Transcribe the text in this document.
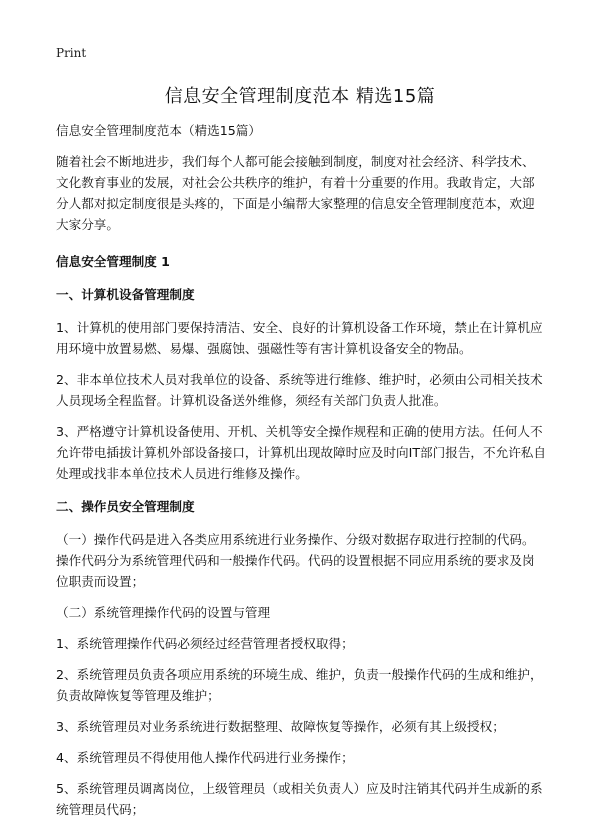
Print
信息安全管理制度范本 精选15篇

信息安全管理制度范本（精选15篇）

随着社会不断地进步，我们每个人都可能会接触到制度，制度对社会经济、科学技术、文化教育事业的发展，对社会公共秩序的维护，有着十分重要的作用。我敢肯定，大部分人都对拟定制度很是头疼的，下面是小编帮大家整理的信息安全管理制度范本，欢迎大家分享。

信息安全管理制度 1

一、计算机设备管理制度

1、计算机的使用部门要保持清洁、安全、良好的计算机设备工作环境，禁止在计算机应用环境中放置易燃、易爆、强腐蚀、强磁性等有害计算机设备安全的物品。

2、非本单位技术人员对我单位的设备、系统等进行维修、维护时，必须由公司相关技术人员现场全程监督。计算机设备送外维修，须经有关部门负责人批准。

3、严格遵守计算机设备使用、开机、关机等安全操作规程和正确的使用方法。任何人不允许带电插拔计算机外部设备接口，计算机出现故障时应及时向IT部门报告，不允许私自处理或找非本单位技术人员进行维修及操作。

二、操作员安全管理制度

（一）操作代码是进入各类应用系统进行业务操作、分级对数据存取进行控制的代码。操作代码分为系统管理代码和一般操作代码。代码的设置根据不同应用系统的要求及岗位职责而设置；

（二）系统管理操作代码的设置与管理

1、系统管理操作代码必须经过经营管理者授权取得；

2、系统管理员负责各项应用系统的环境生成、维护，负责一般操作代码的生成和维护，负责故障恢复等管理及维护；

3、系统管理员对业务系统进行数据整理、故障恢复等操作，必须有其上级授权；

4、系统管理员不得使用他人操作代码进行业务操作；

5、系统管理员调离岗位，上级管理员（或相关负责人）应及时注销其代码并生成新的系统管理员代码；
